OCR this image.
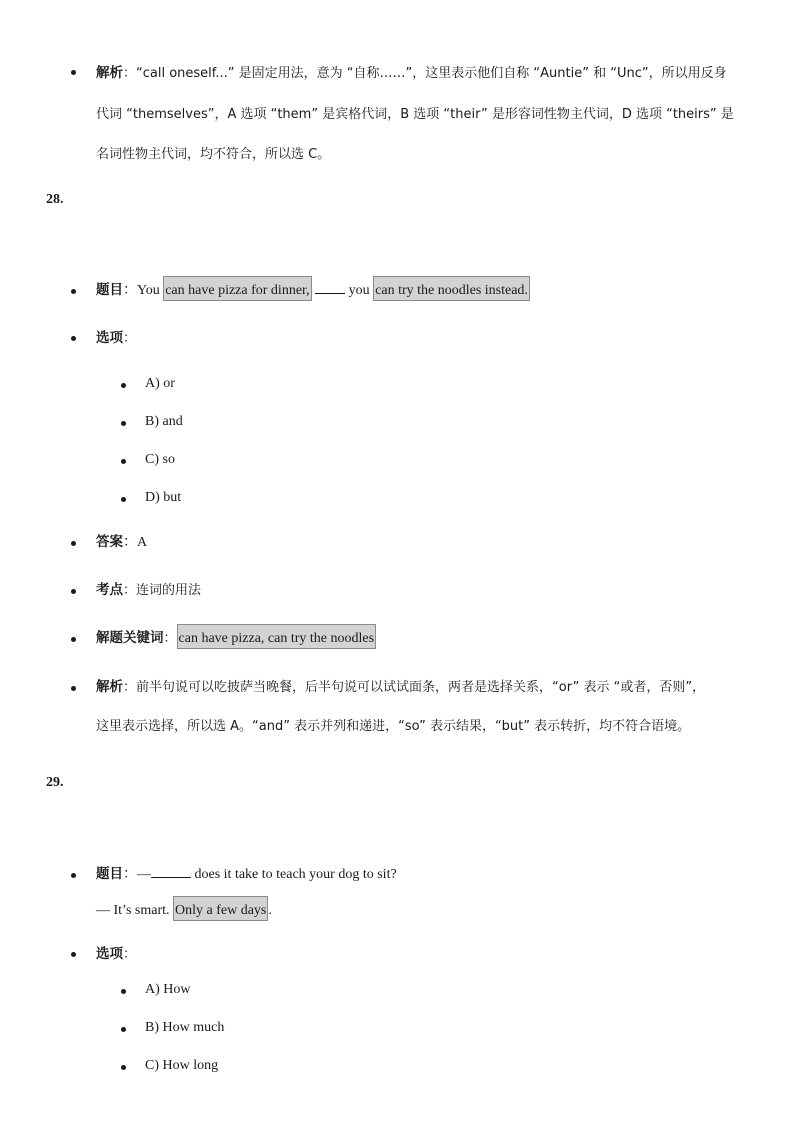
解析：“call oneself...” 是固定用法，意为 “自称……”，这里表示他们自称 “Auntie” 和 “Unc”，所以用反身
代词 “themselves”，A 选项 “them” 是宾格代词，B 选项 “their” 是形容词性物主代词，D 选项 “theirs” 是
名词性物主代词，均不符合，所以选 C。
28.
题目：You can have pizza for dinner,	you can try the noodles instead.
选项：
A) or
B) and
C) so
D) but
答案：A
考点：连词的用法
解题关键词： can have pizza, can try the noodles
解析：前半句说可以吃披萨当晚餐，后半句说可以试试面条，两者是选择关系，“or” 表示 “或者，否则”，
这里表示选择，所以选 A。“and” 表示并列和递进，“so” 表示结果，“but” 表示转折，均不符合语境。
29.
题目：—	does it take to teach your dog to sit?
— It’s smart. Only a few days .
选项：
A) How
B) How much
C) How long
